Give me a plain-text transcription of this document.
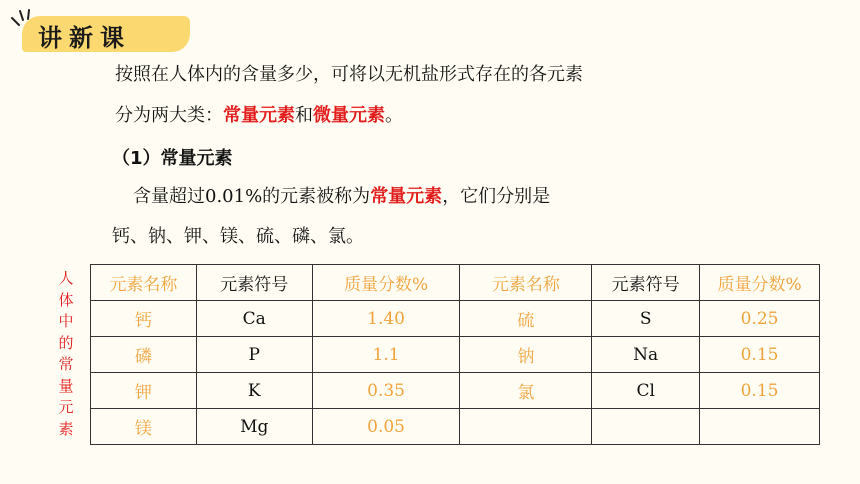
讲新课
按照在人体内的含量多少，可将以无机盐形式存在的各元素
分为两大类：常量元素和微量元素。
（1）常量元素
含量超过0.01%的元素被称为常量元素，它们分别是
钙、钠、钾、镁、硫、磷、氯。
人
体
中
的
常
量
元
素
元素名称	元素符号	质量分数%	元素名称	元素符号	质量分数%
钙	Ca	1.40	硫	S	0.25
磷	P	1.1	钠	Na	0.15
钾	K	0.35	氯	Cl	0.15
镁	Mg	0.05			
